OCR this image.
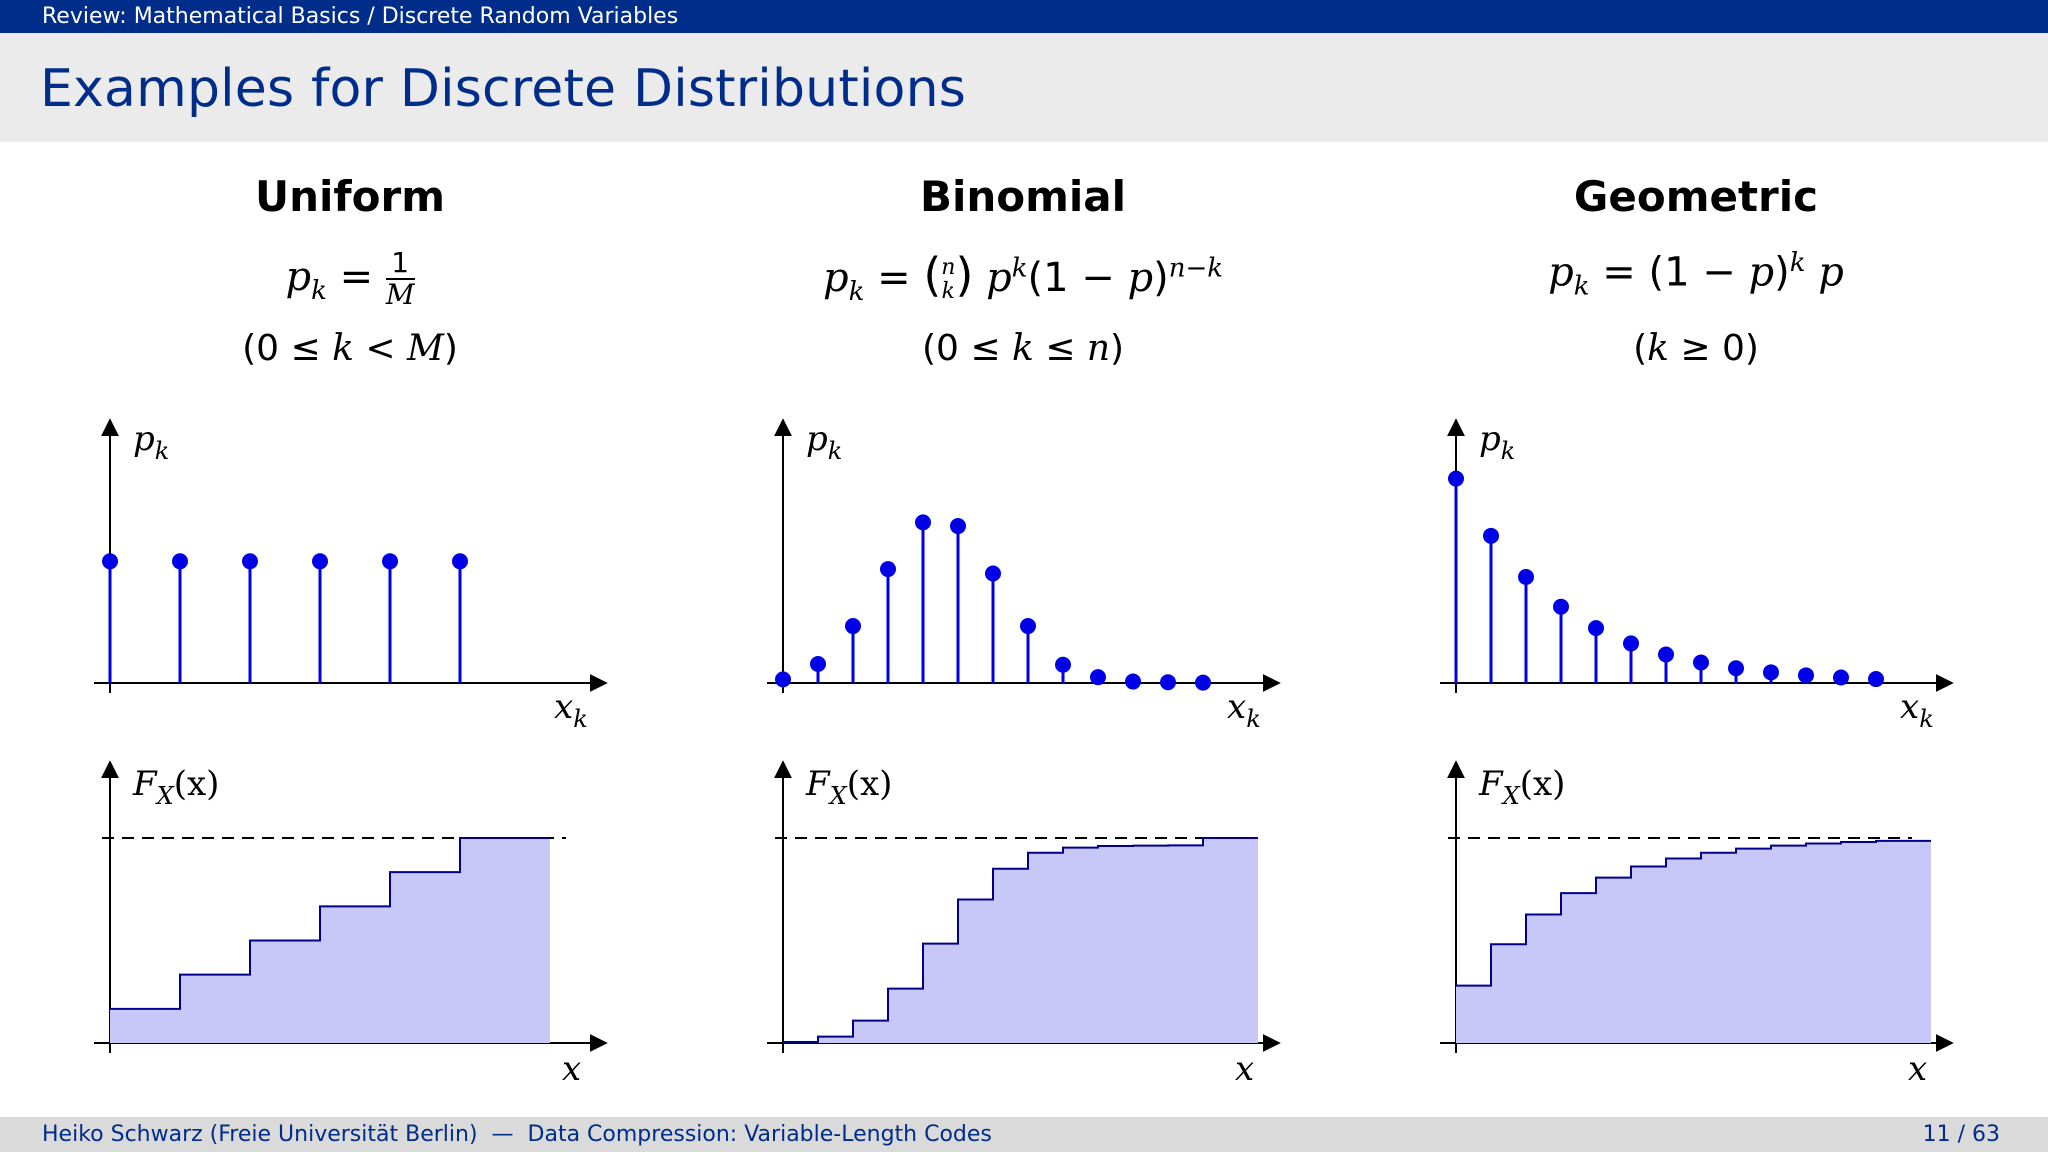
Review: Mathematical Basics / Discrete Random Variables
Examples for Discrete Distributions
Uniform	Binomial	Geometric
$p_k = \frac{1}{M}$	$p_k$ = ( n
k ) $p^k(1 - p)^{n-k}$	$p_k = (1 - p)^k$ p
(0 ≤ k < M)	(0 ≤ k ≤ n)	(k ≥ 0)
$p_k$
$x_k$
$F_X(x)$
x
$p_k$
$x_k$
$F_X(x)$
x
$p_k$
$x_k$
$F_X(x)$
x
Heiko Schwarz (Freie Universität Berlin) — Data Compression: Variable-Length Codes	11 / 63
